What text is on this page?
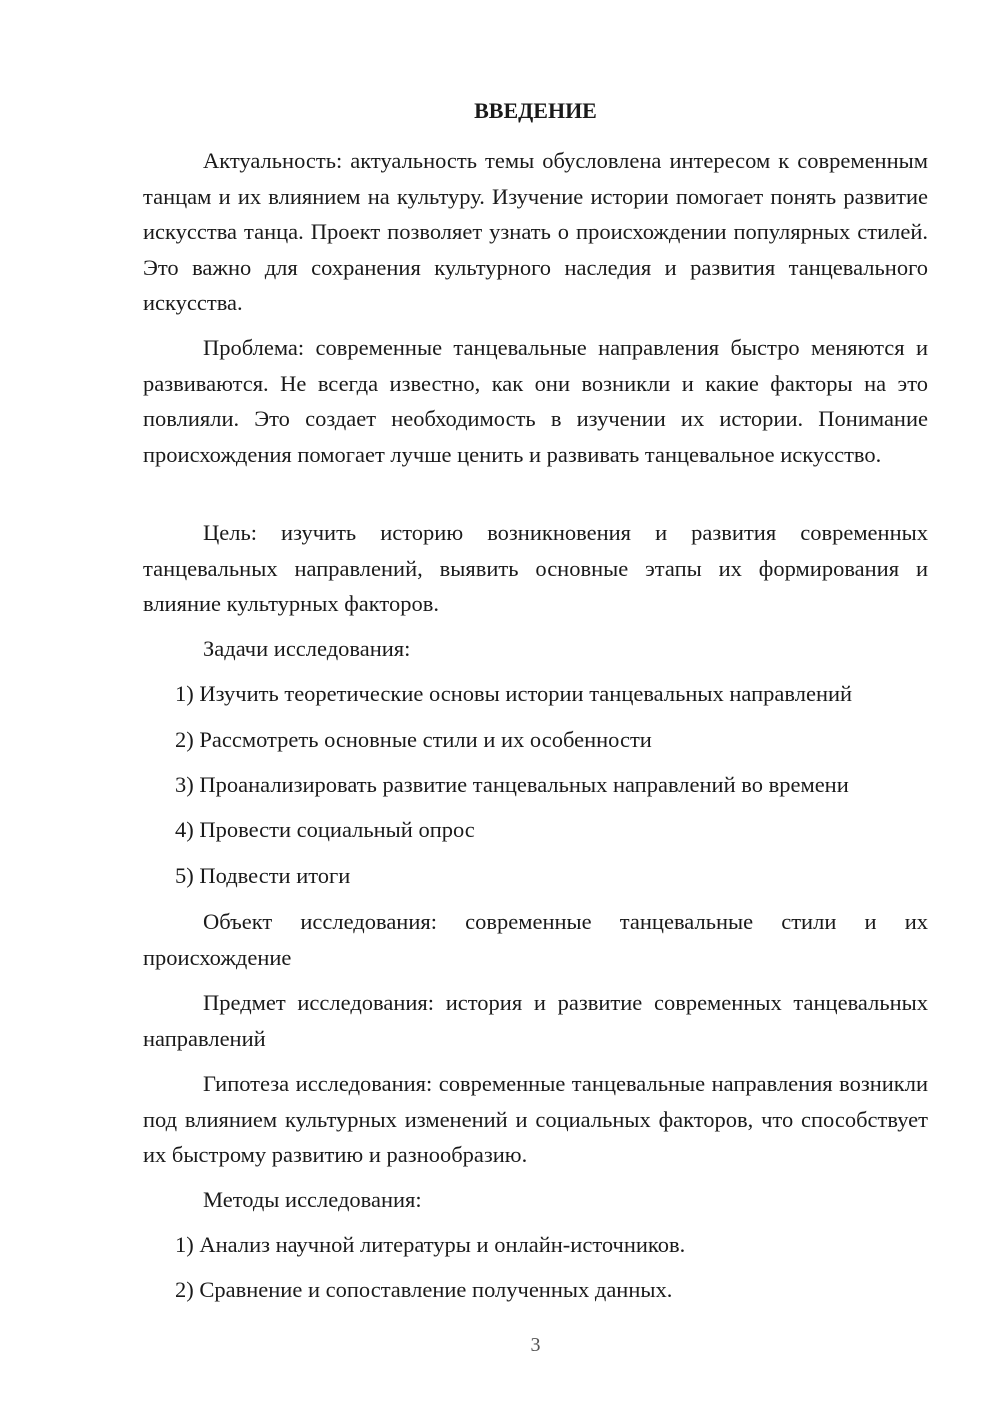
ВВЕДЕНИЕ

Актуальность: актуальность темы обусловлена интересом к современным танцам и их влиянием на культуру. Изучение истории помогает понять развитие искусства танца. Проект позволяет узнать о происхождении популярных стилей. Это важно для сохранения культурного наследия и развития танцевального искусства.

Проблема: современные танцевальные направления быстро меняются и развиваются. Не всегда известно, как они возникли и какие факторы на это повлияли. Это создает необходимость в изучении их истории. Понимание происхождения помогает лучше ценить и развивать танцевальное искусство.

Цель: изучить историю возникновения и развития современных танцевальных направлений, выявить основные этапы их формирования и влияние культурных факторов.

Задачи исследования:

1) Изучить теоретические основы истории танцевальных направлений
2) Рассмотреть основные стили и их особенности
3) Проанализировать развитие танцевальных направлений во времени
4) Провести социальный опрос
5) Подвести итоги

Объект исследования: современные танцевальные стили и их происхождение

Предмет исследования: история и развитие современных танцевальных направлений

Гипотеза исследования: современные танцевальные направления возникли под влиянием культурных изменений и социальных факторов, что способствует их быстрому развитию и разнообразию.

Методы исследования:

1) Анализ научной литературы и онлайн-источников.
2) Сравнение и сопоставление полученных данных.
3
